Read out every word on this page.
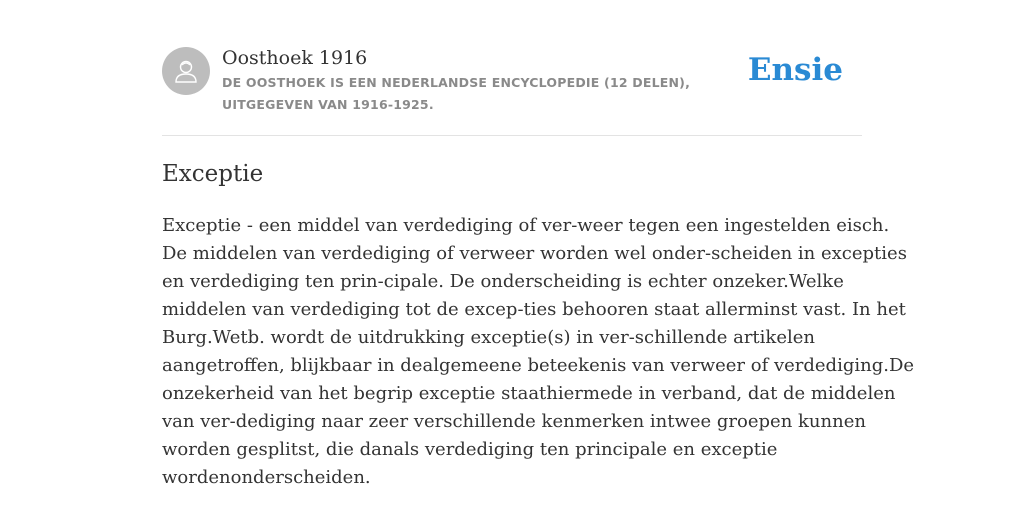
Oosthoek 1916
DE OOSTHOEK IS EEN NEDERLANDSE ENCYCLOPEDIE (12 DELEN), UITGEGEVEN VAN 1916-1925.
Ensie
Exceptie

Exceptie - een middel van verdediging of ver-weer tegen een ingestelden eisch.
De middelen van verdediging of verweer worden wel onder-scheiden in excepties
en verdediging ten prin-cipale. De onderscheiding is echter onzeker.Welke
middelen van verdediging tot de excep-ties behooren staat allerminst vast. In het
Burg.Wetb. wordt de uitdrukking exceptie(s) in ver-schillende artikelen
aangetroffen, blijkbaar in dealgemeene beteekenis van verweer of verdediging.De
onzekerheid van het begrip exceptie staathiermede in verband, dat de middelen
van ver-dediging naar zeer verschillende kenmerken intwee groepen kunnen
worden gesplitst, die danals verdediging ten principale en exceptie
wordenonderscheiden.
